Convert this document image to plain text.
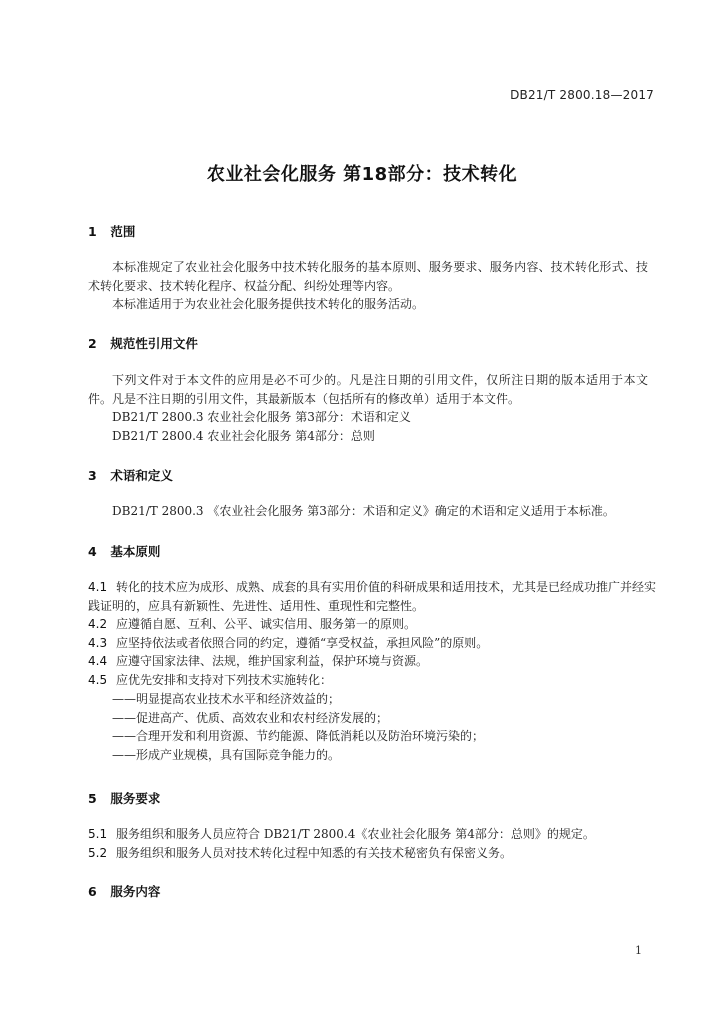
DB21/T 2800.18—2017
农业社会化服务 第18部分：技术转化
1 范围
本标准规定了农业社会化服务中技术转化服务的基本原则、服务要求、服务内容、技术转化形式、技术转化要求、技术转化程序、权益分配、纠纷处理等内容。
本标准适用于为农业社会化服务提供技术转化的服务活动。
2 规范性引用文件
下列文件对于本文件的应用是必不可少的。凡是注日期的引用文件，仅所注日期的版本适用于本文件。凡是不注日期的引用文件，其最新版本（包括所有的修改单）适用于本文件。
DB21/T 2800.3 农业社会化服务 第3部分：术语和定义
DB21/T 2800.4 农业社会化服务 第4部分：总则
3 术语和定义
DB21/T 2800.3 《农业社会化服务 第3部分：术语和定义》确定的术语和定义适用于本标准。
4 基本原则
4.1 转化的技术应为成形、成熟、成套的具有实用价值的科研成果和适用技术，尤其是已经成功推广并经实践证明的，应具有新颖性、先进性、适用性、重现性和完整性。
4.2 应遵循自愿、互利、公平、诚实信用、服务第一的原则。
4.3 应坚持依法或者依照合同的约定，遵循“享受权益，承担风险”的原则。
4.4 应遵守国家法律、法规，维护国家利益，保护环境与资源。
4.5 应优先安排和支持对下列技术实施转化：
——明显提高农业技术水平和经济效益的；
——促进高产、优质、高效农业和农村经济发展的；
——合理开发和利用资源、节约能源、降低消耗以及防治环境污染的；
——形成产业规模，具有国际竞争能力的。
5 服务要求
5.1 服务组织和服务人员应符合 DB21/T 2800.4《农业社会化服务 第4部分：总则》的规定。
5.2 服务组织和服务人员对技术转化过程中知悉的有关技术秘密负有保密义务。
6 服务内容
1
